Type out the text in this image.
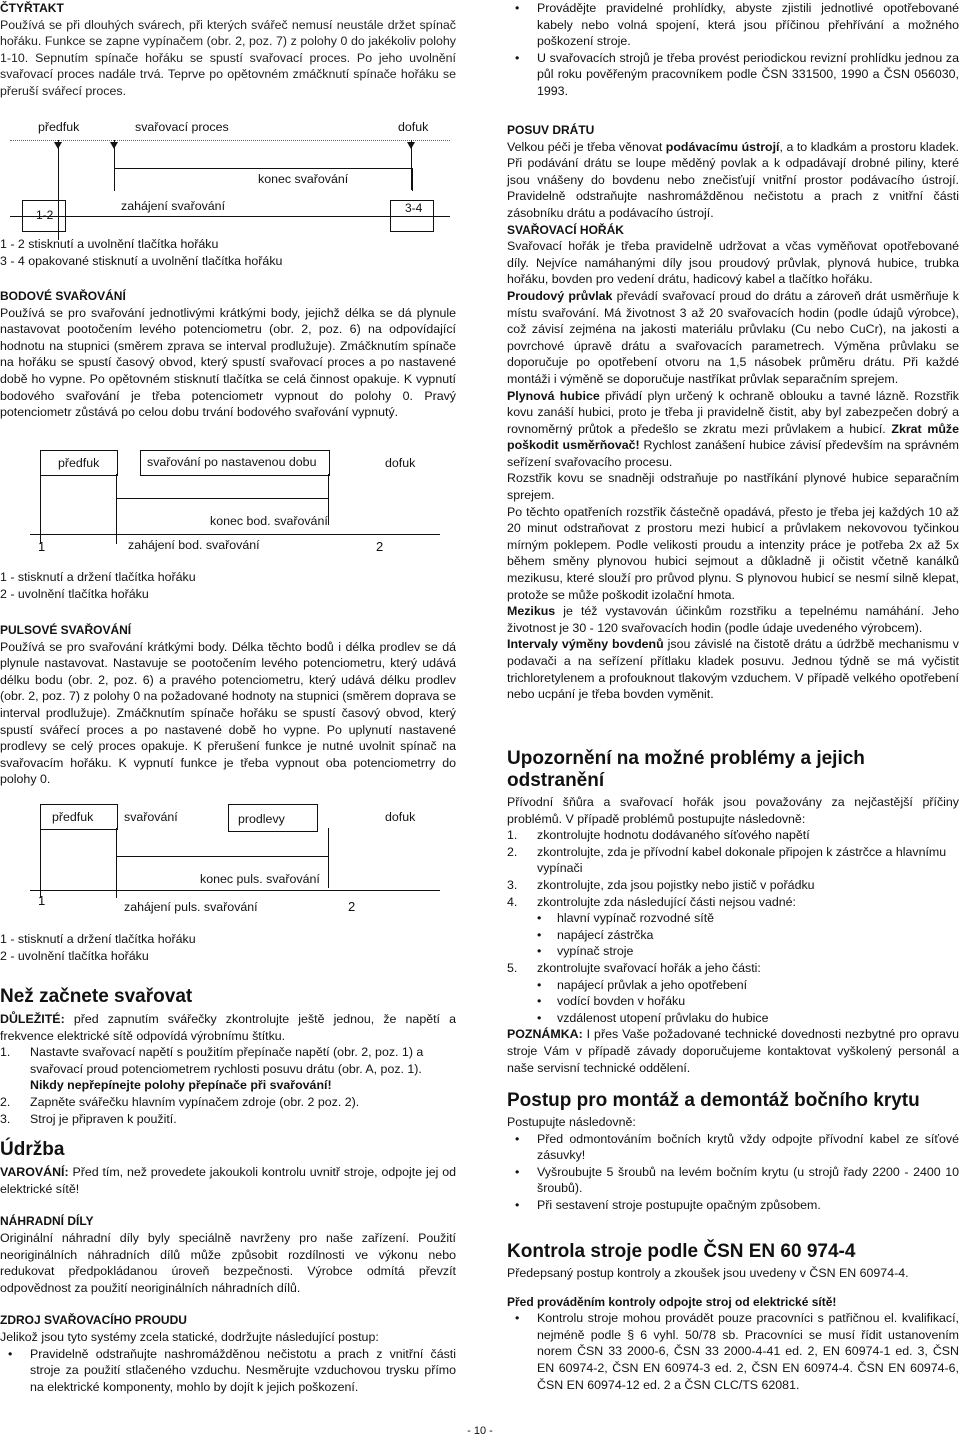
ČTYŘTAKT

Používá se při dlouhých svárech, při kterých svářeč nemusí neustále držet spínač hořáku. Funkce se zapne vypínačem (obr. 2, poz. 7) z polohy 0 do jakékoliv polohy 1-10. Sepnutím spínače hořáku se spustí svařovací proces. Po jeho uvolnění svařovací proces nadále trvá. Teprve po opětovném zmáčknutí spínače hořáku se přeruší svářecí proces.

předfuk	svařovací proces	dofuk
konec svařování
zahájení svařování
1-2	3-4
1 - 2 stisknutí a uvolnění tlačítka hořáku
3 - 4 opakované stisknutí a uvolnění tlačítka hořáku
BODOVÉ SVAŘOVÁNÍ

Používá se pro svařování jednotlivými krátkými body, jejichž délka se dá plynule nastavovat pootočením levého potenciometru (obr. 2, poz. 6) na odpovídající hodnotu na stupnici (směrem zprava se interval prodlužuje). Zmáčknutím spínače na hořáku se spustí časový obvod, který spustí svařovací proces a po nastavené době ho vypne. Po opětovném stisknutí tlačítka se celá činnost opakuje. K vypnutí bodového svařování je třeba potenciometr vypnout do polohy 0. Pravý potenciometr zůstává po celou dobu trvání bodového svařování vypnutý.

předfuk	svařování po nastavenou dobu	dofuk
konec bod. svařování
zahájení bod. svařování
1	2
1 - stisknutí a držení tlačítka hořáku
2 - uvolnění tlačítka hořáku
PULSOVÉ SVAŘOVÁNÍ

Používá se pro svařování krátkými body. Délka těchto bodů i délka prodlev se dá plynule nastavovat. Nastavuje se pootočením levého potenciometru, který udává délku bodu (obr. 2, poz. 6) a pravého potenciometru, který udává délku prodlev (obr. 2, poz. 7) z polohy 0 na požadované hodnoty na stupnici (směrem doprava se interval prodlužuje). Zmáčknutím spínače hořáku se spustí časový obvod, který spustí svářecí proces a po nastavené době ho vypne. Po uplynutí nastavené prodlevy se celý proces opakuje. K přerušení funkce je nutné uvolnit spínač na svařovacím hořáku. K vypnutí funkce je třeba vypnout oba potenciometrry do polohy 0.

předfuk svařování	prodlevy	dofuk
konec puls. svařování
zahájení puls. svařování
1	2
1 - stisknutí a držení tlačítka hořáku
2 - uvolnění tlačítka hořáku
Než začnete svařovat

DŮLEŽITÉ: před zapnutím svářečky zkontrolujte ještě jednou, že napětí a frekvence elektrické sítě odpovídá výrobnímu štítku.

1. Nastavte svařovací napětí s použitím přepínače napětí (obr. 2, poz. 1) a svařovací proud potenciometrem rychlosti posuvu drátu (obr. A, poz. 1). Nikdy nepřepínejte polohy přepínače při svařování!
2. Zapněte svářečku hlavním vypínačem zdroje (obr. 2 poz. 2).
3. Stroj je připraven k použití.
Údržba

VAROVÁNÍ: Před tím, než provedete jakoukoli kontrolu uvnitř stroje, odpojte jej od elektrické sítě!

NÁHRADNÍ DÍLY

Originální náhradní díly byly speciálně navrženy pro naše zařízení. Použití neoriginálních náhradních dílů může způsobit rozdílnosti ve výkonu nebo redukovat předpokládanou úroveň bezpečnosti. Výrobce odmítá převzít odpovědnost za použití neoriginálních náhradních dílů.

ZDROJ SVAŘOVACÍHO PROUDU

Jelikož jsou tyto systémy zcela statické, dodržujte následující postup:

• Pravidelně odstraňujte nashromážděnou nečistotu a prach z vnitřní části stroje za použití stlačeného vzduchu. Nesměrujte vzduchovou trysku přímo na elektrické komponenty, mohlo by dojít k jejich poškození.
• Provádějte pravidelné prohlídky, abyste zjistili jednotlivé opotřebované kabely nebo volná spojení, která jsou příčinou přehřívání a možného poškození stroje.
• U svařovacích strojů je třeba provést periodickou revizní prohlídku jednou za půl roku pověřeným pracovníkem podle ČSN 331500, 1990 a ČSN 056030, 1993.
POSUV DRÁTU

Velkou péči je třeba věnovat podávacímu ústrojí, a to kladkám a prostoru kladek. Při podávání drátu se loupe měděný povlak a k odpadávají drobné piliny, které jsou vnášeny do bovdenu nebo znečisťují vnitřní prostor podávacího ústrojí. Pravidelně odstraňujte nashromážděnou nečistotu a prach z vnitřní části zásobníku drátu a podávacího ústrojí.

SVAŘOVACÍ HOŘÁK

Svařovací hořák je třeba pravidelně udržovat a včas vyměňovat opotřebované díly. Nejvíce namáhanými díly jsou proudový průvlak, plynová hubice, trubka hořáku, bovden pro vedení drátu, hadicový kabel a tlačítko hořáku.

Proudový průvlak převádí svařovací proud do drátu a zároveň drát usměrňuje k místu svařování. Má životnost 3 až 20 svařovacích hodin (podle údajů výrobce), což závisí zejména na jakosti materiálu průvlaku (Cu nebo CuCr), na jakosti a povrchové úpravě drátu a svařovacích parametrech. Výměna průvlaku se doporučuje po opotřebení otvoru na 1,5 násobek průměru drátu. Při každé montáži i výměně se doporučuje nastříkat průvlak separačním sprejem.

Plynová hubice přivádí plyn určený k ochraně oblouku a tavné lázně. Rozstřik kovu zanáší hubici, proto je třeba ji pravidelně čistit, aby byl zabezpečen dobrý a rovnoměrný průtok a předešlo se zkratu mezi průvlakem a hubicí. Zkrat může poškodit usměrňovač! Rychlost zanášení hubice závisí především na správném seřízení svařovacího procesu.

Rozstřik kovu se snadněji odstraňuje po nastříkání plynové hubice separačním sprejem.

Po těchto opatřeních rozstřik částečně opadává, přesto je třeba jej každých 10 až 20 minut odstraňovat z prostoru mezi hubicí a průvlakem nekovovou tyčinkou mírným poklepem. Podle velikosti proudu a intenzity práce je potřeba 2x až 5x během směny plynovou hubici sejmout a důkladně ji očistit včetně kanálků mezikusu, které slouží pro průvod plynu. S plynovou hubicí se nesmí silně klepat, protože se může poškodit izolační hmota.

Mezikus je též vystavován účinkům rozstřiku a tepelnému namáhání. Jeho životnost je 30 - 120 svařovacích hodin (podle údaje uvedeného výrobcem).

Intervaly výměny bovdenů jsou závislé na čistotě drátu a údržbě mechanismu v podavači a na seřízení přítlaku kladek posuvu. Jednou týdně se má vyčistit trichloretylenem a profouknout tlakovým vzduchem. V případě velkého opotřebení nebo ucpání je třeba bovden vyměnit.

Upozornění na možné problémy a jejich odstranění

Přívodní šňůra a svařovací hořák jsou považovány za nejčastější příčiny problémů. V případě problémů postupujte následovně:

1. zkontrolujte hodnotu dodávaného síťového napětí
2. zkontrolujte, zda je přívodní kabel dokonale připojen k zástrčce a hlavnímu vypínači
3. zkontrolujte, zda jsou pojistky nebo jistič v pořádku
4. zkontrolujte zda následující části nejsou vadné:
• hlavní vypínač rozvodné sítě
• napájecí zástrčka
• vypínač stroje
5. zkontrolujte svařovací hořák a jeho části:
• napájecí průvlak a jeho opotřebení
• vodící bovden v hořáku
• vzdálenost utopení průvlaku do hubice

POZNÁMKA: I přes Vaše požadované technické dovednosti nezbytné pro opravu stroje Vám v případě závady doporučujeme kontaktovat vyškolený personál a naše servisní technické oddělení.

Postup pro montáž a demontáž bočního krytu

Postupujte následovně:

• Před odmontováním bočních krytů vždy odpojte přívodní kabel ze síťové zásuvky!
• Vyšroubujte 5 šroubů na levém bočním krytu (u strojů řady 2200 - 2400 10 šroubů).
• Při sestavení stroje postupujte opačným způsobem.
Kontrola stroje podle ČSN EN 60 974-4

Předepsaný postup kontroly a zkoušek jsou uvedeny v ČSN EN 60974-4.

Před prováděním kontroly odpojte stroj od elektrické sítě!
• Kontrolu stroje mohou provádět pouze pracovníci s patřičnou el. kvalifikací, nejméně podle § 6 vyhl. 50/78 sb. Pracovníci se musí řídit ustanovením norem ČSN 33 2000-6, ČSN 33 2000-4-41 ed. 2, EN 60974-1 ed. 3, ČSN EN 60974-2, ČSN EN 60974-3 ed. 2, ČSN EN 60974-4. ČSN EN 60974-6, ČSN EN 60974-12 ed. 2 a ČSN CLC/TS 62081.
- 10 -
